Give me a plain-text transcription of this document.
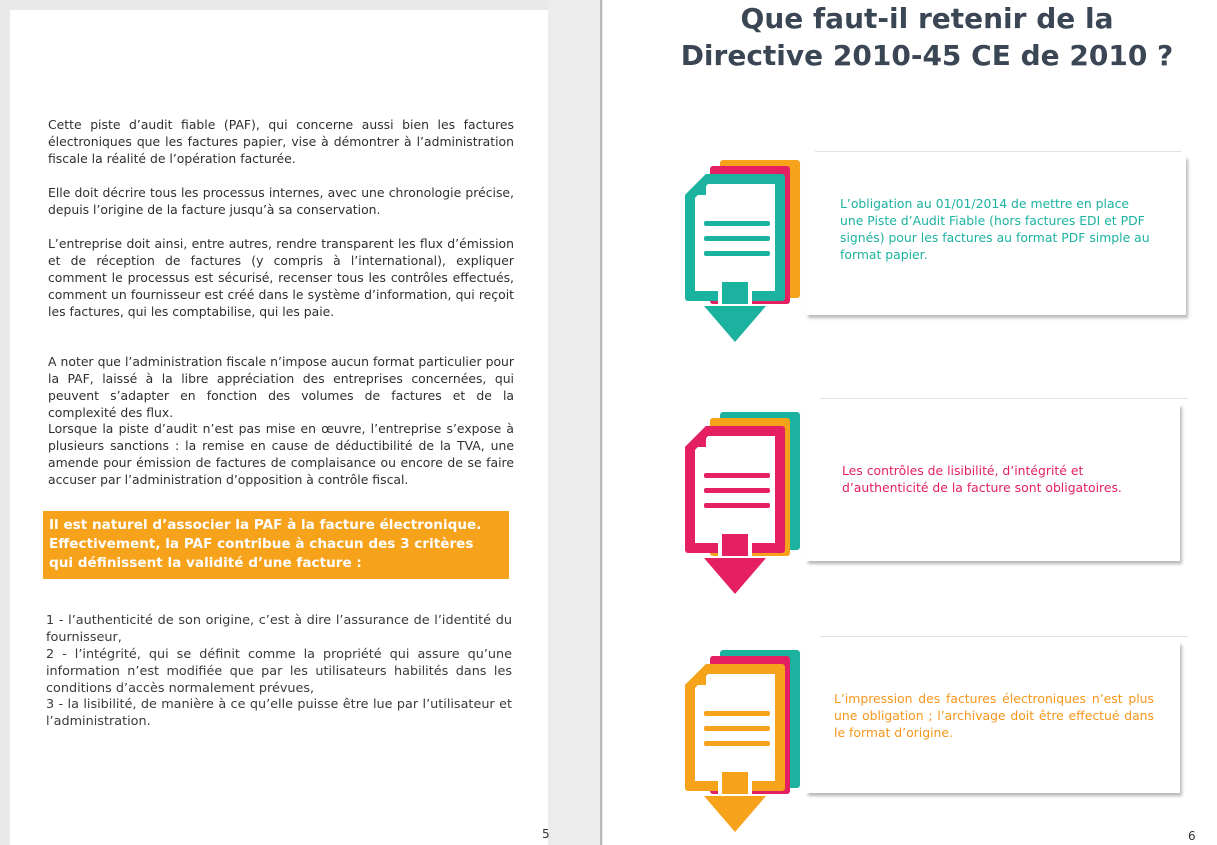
Cette piste d’audit fiable (PAF), qui concerne aussi bien les factures électroniques que les factures papier, vise à démontrer à l’administration fiscale la réalité de l’opération facturée.
Elle doit décrire tous les processus internes, avec une chronologie précise, depuis l’origine de la facture jusqu’à sa conservation.
L’entreprise doit ainsi, entre autres, rendre transparent les flux d’émission et de réception de factures (y compris à l’international), expliquer comment le processus est sécurisé, recenser tous les contrôles effectués, comment un fournisseur est créé dans le système d’information, qui reçoit les factures, qui les comptabilise, qui les paie.
A noter que l’administration fiscale n’impose aucun format particulier pour la PAF, laissé à la libre appréciation des entreprises concernées, qui peuvent s’adapter en fonction des volumes de factures et de la complexité des flux.
Lorsque la piste d’audit n’est pas mise en œuvre, l’entreprise s’expose à plusieurs sanctions : la remise en cause de déductibilité de la TVA, une amende pour émission de factures de complaisance ou encore de se faire accuser par l’administration d’opposition à contrôle fiscal.
Il est naturel d’associer la PAF à la facture électronique. Effectivement, la PAF contribue à chacun des 3 critères qui définissent la validité d’une facture :
1 - l’authenticité de son origine, c’est à dire l’assurance de l’identité du fournisseur,
2 - l’intégrité, qui se définit comme la propriété qui assure qu’une information n’est modifiée que par les utilisateurs habilités dans les conditions d’accès normalement prévues,
3 - la lisibilité, de manière à ce qu’elle puisse être lue par l’utilisateur et l’administration.
5
Que faut-il retenir de la Directive 2010-45 CE de 2010 ?
L’obligation au 01/01/2014 de mettre en place une Piste d’Audit Fiable (hors factures EDI et PDF signés) pour les factures au format PDF simple au format papier.
Les contrôles de lisibilité, d’intégrité et d’authenticité de la facture sont obligatoires.
L’impression des factures électroniques n’est plus une obligation ; l’archivage doit être effectué dans le format d’origine.
6
